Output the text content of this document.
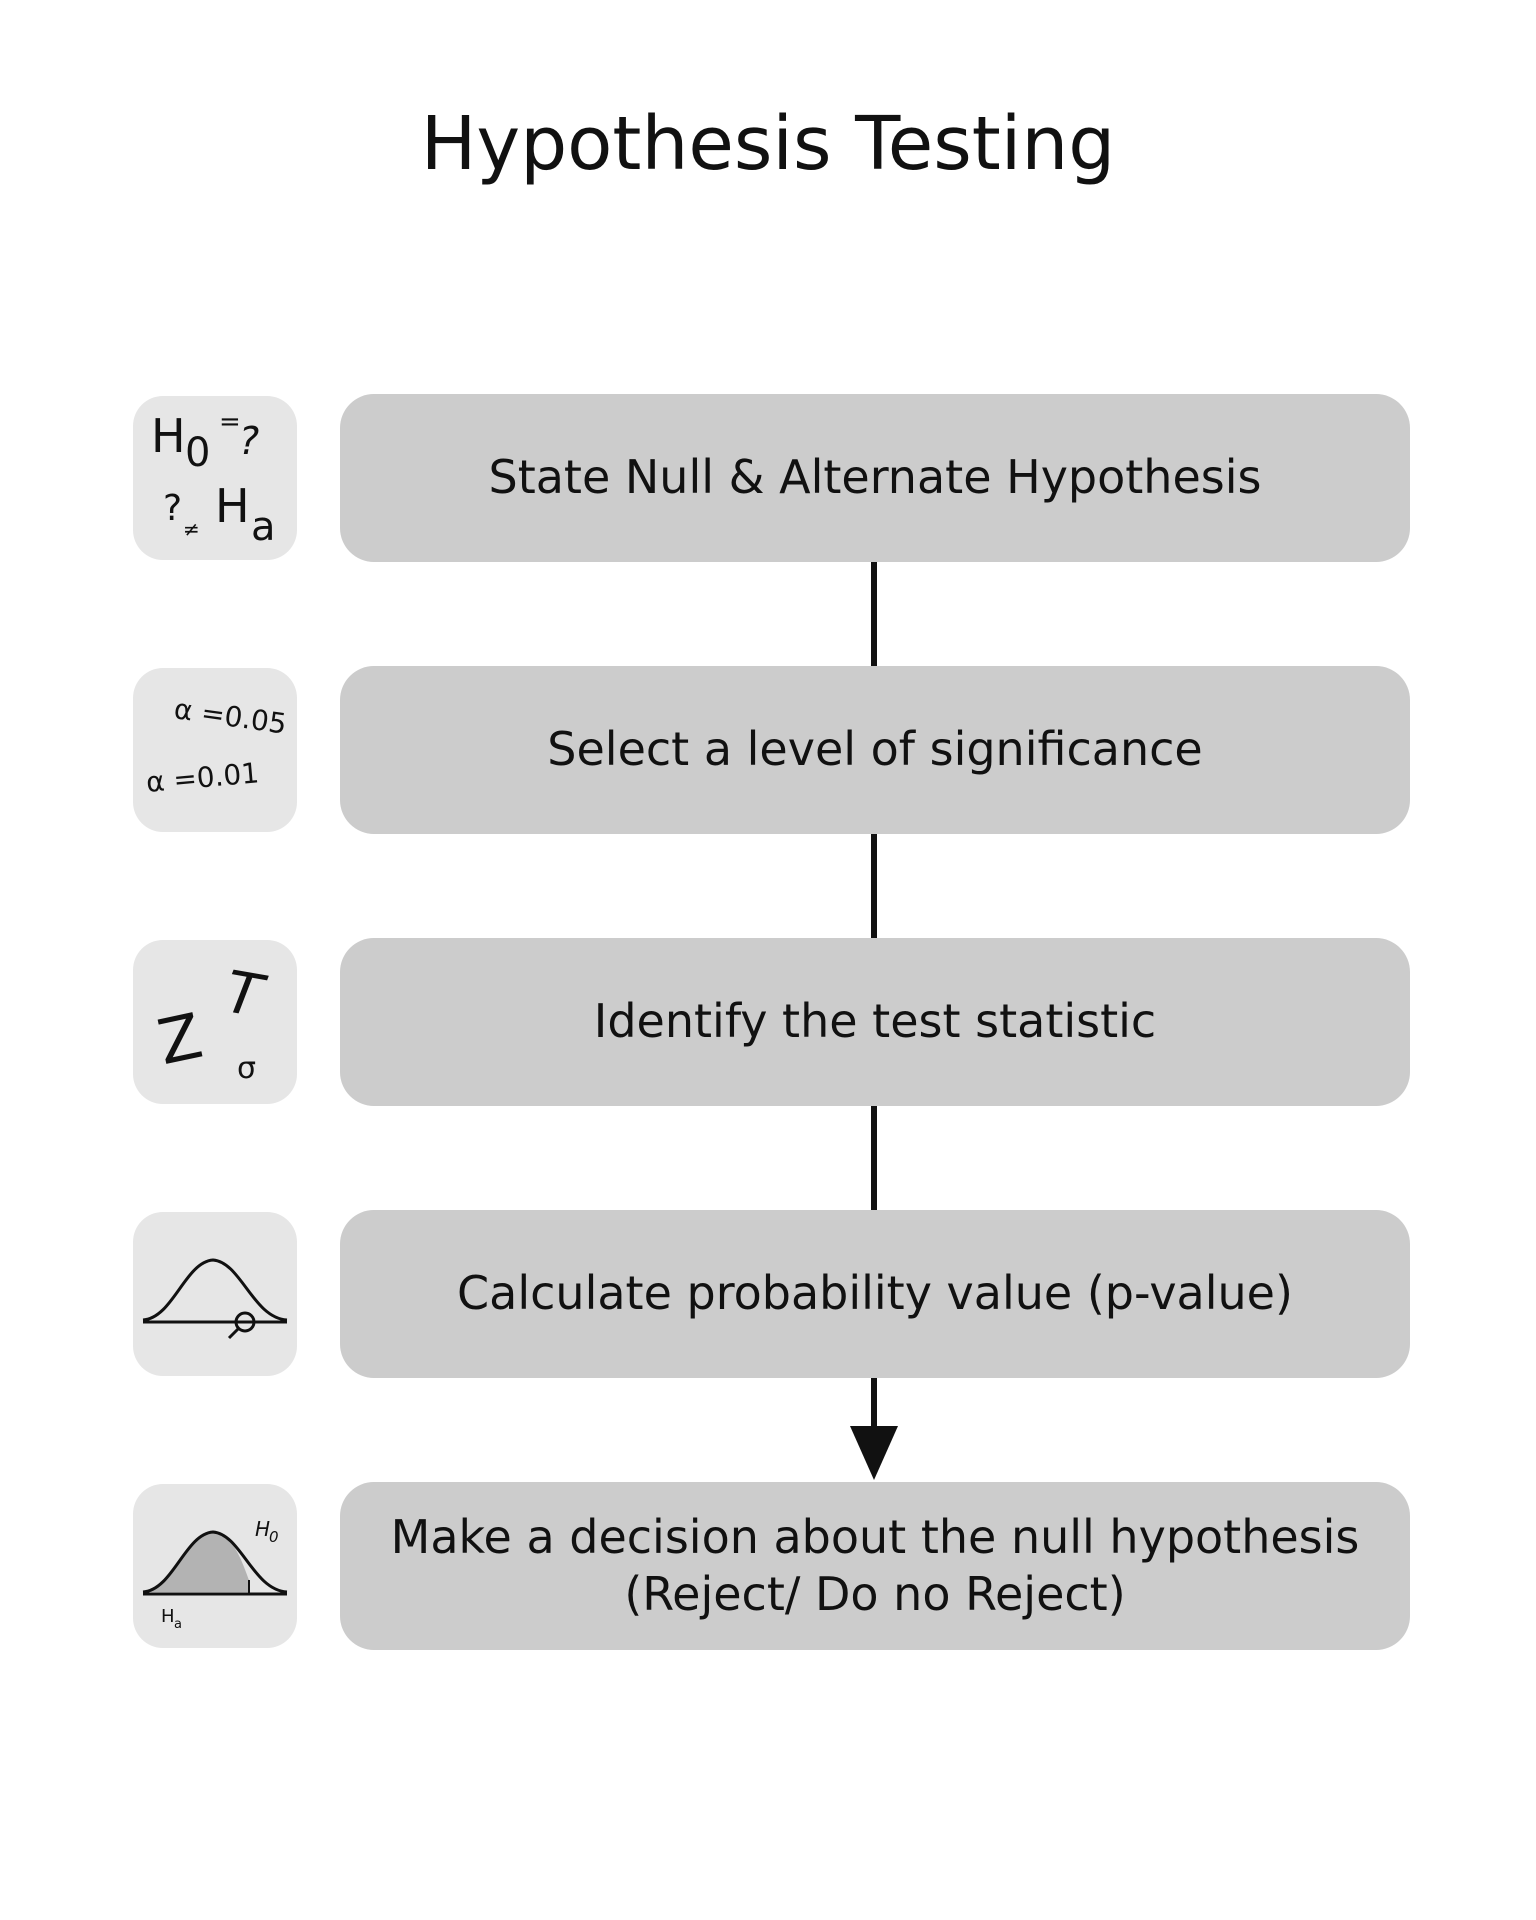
Hypothesis Testing
H 0
=
?
? ≠ H a
State Null & Alternate Hypothesis
α =0.05
α =0.01
Select a level of significance
Z
T
σ
Identify the test statistic
Calculate probability value (p-value)
H
0
H a
Make a decision about the null hypothesis
(Reject/ Do no Reject)
